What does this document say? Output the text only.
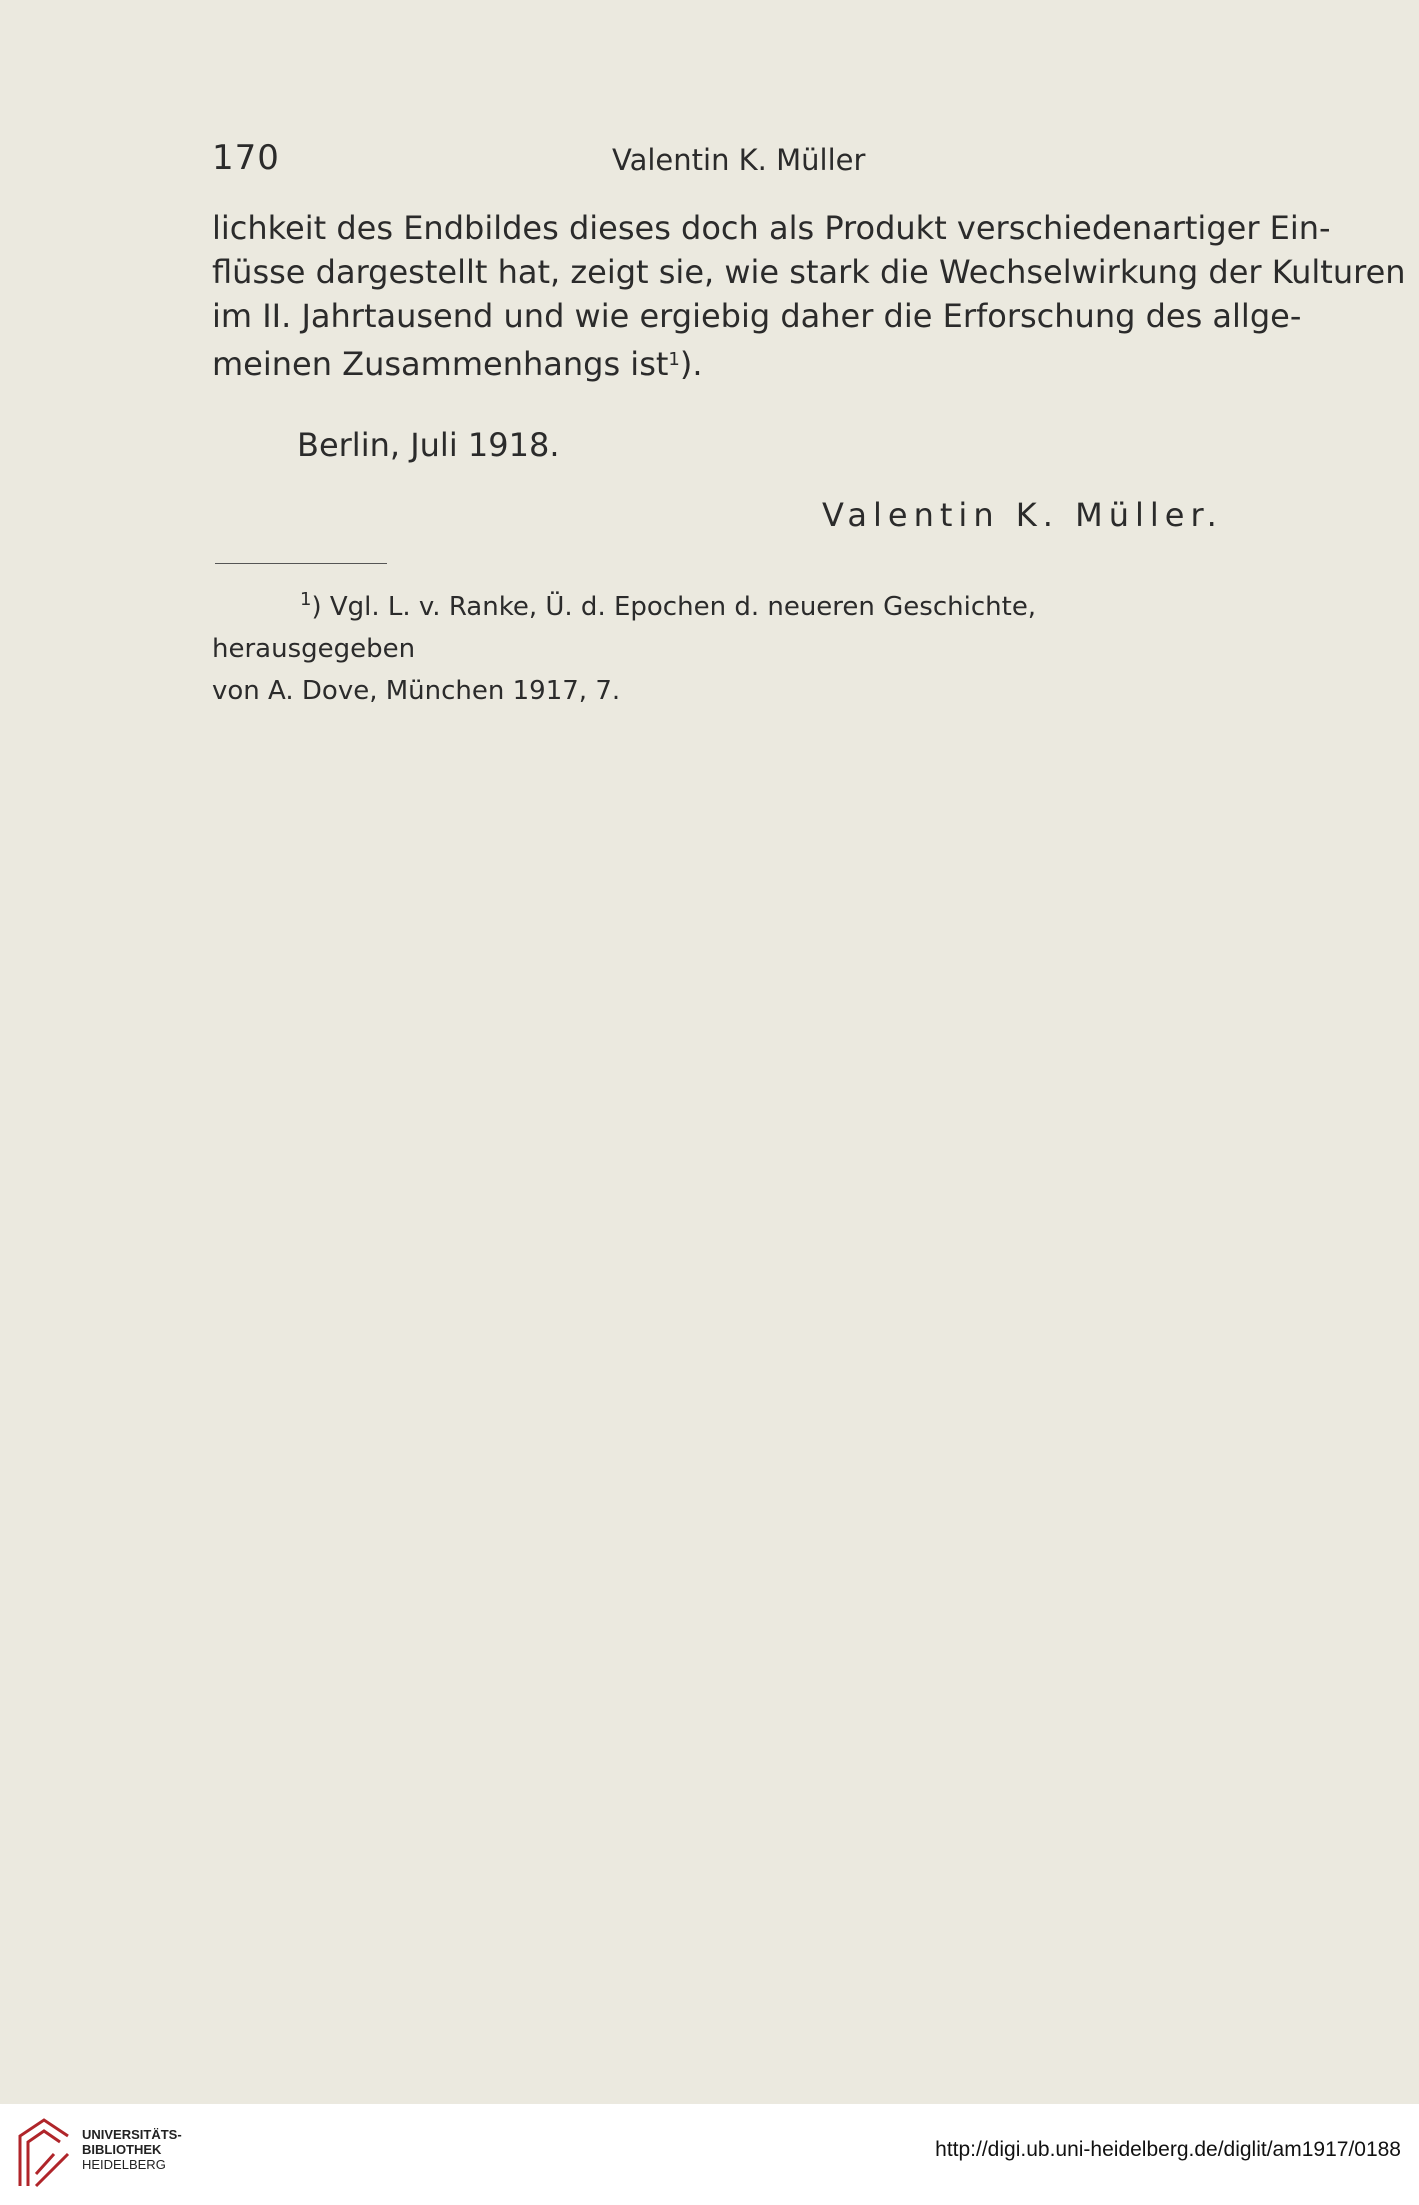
170	Valentin K. Müller
lichkeit des Endbildes dieses doch als Produkt verschiedenartiger Ein-
flüsse dargestellt hat, zeigt sie, wie stark die Wechselwirkung der Kulturen
im II. Jahrtausend und wie ergiebig daher die Erforschung des allge-
meinen Zusammenhangs ist$^1$).
Berlin, Juli 1918.
Valentin K. Müller.
$^1$) Vgl. L. v. Ranke, Ü. d. Epochen d. neueren Geschichte, herausgegeben
von A. Dove, München 1917, 7.
UNIVERSITÄTS-
BIBLIOTHEK
HEIDELBERG
http://digi.ub.uni-heidelberg.de/diglit/am1917/0188
